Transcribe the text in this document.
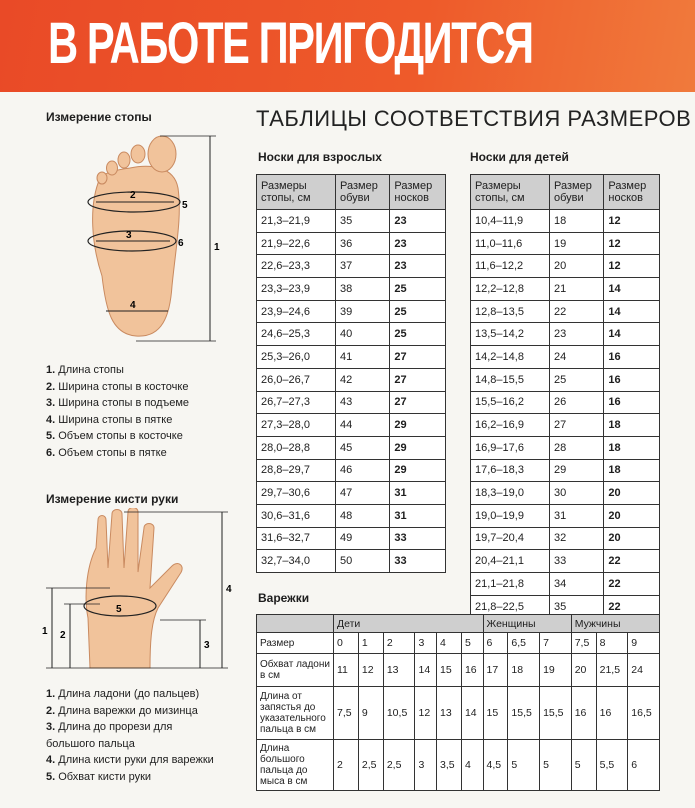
В РАБОТЕ ПРИГОДИТСЯ
Измерение стопы
2
5
3
6
4
1
1. Длина стопы
2. Ширина стопы в косточке
3. Ширина стопы в подъеме
4. Ширина стопы в пятке
5. Объем стопы в косточке
6. Объем стопы в пятке
Измерение кисти руки
1 2
3
4
5
1. Длина ладони (до пальцев)
2. Длина варежки до мизинца
3. Длина до прорези для большого пальца
4. Длина кисти руки для варежки
5. Обхват кисти руки
ТАБЛИЦЫ СООТВЕТСТВИЯ РАЗМЕРОВ
Носки для взрослых
Размеры стопы, см	Размер обуви	Размер носков
21,3–21,9	35	23
21,9–22,6	36	23
22,6–23,3	37	23
23,3–23,9	38	25
23,9–24,6	39	25
24,6–25,3	40	25
25,3–26,0	41	27
26,0–26,7	42	27
26,7–27,3	43	27
27,3–28,0	44	29
28,0–28,8	45	29
28,8–29,7	46	29
29,7–30,6	47	31
30,6–31,6	48	31
31,6–32,7	49	33
32,7–34,0	50	33
Носки для детей
Размеры стопы, см	Размер обуви	Размер носков
10,4–11,9	18	12
11,0–11,6	19	12
11,6–12,2	20	12
12,2–12,8	21	14
12,8–13,5	22	14
13,5–14,2	23	14
14,2–14,8	24	16
14,8–15,5	25	16
15,5–16,2	26	16
16,2–16,9	27	18
16,9–17,6	28	18
17,6–18,3	29	18
18,3–19,0	30	20
19,0–19,9	31	20
19,7–20,4	32	20
20,4–21,1	33	22
21,1–21,8	34	22
21,8–22,5	35	22
Варежки
	Дети						Женщины			Мужчины		
Размер	0	1	2	3	4	5	6	6,5	7	7,5	8	9
Обхват ладони в см	11	12	13	14	15	16	17	18	19	20	21,5	24
Длина от запястья до указательного пальца в см	7,5	9	10,5	12	13	14	15	15,5	15,5	16	16	16,5
Длина большого пальца до мыса в см	2	2,5	2,5	3	3,5	4	4,5	5	5	5	5,5	6
